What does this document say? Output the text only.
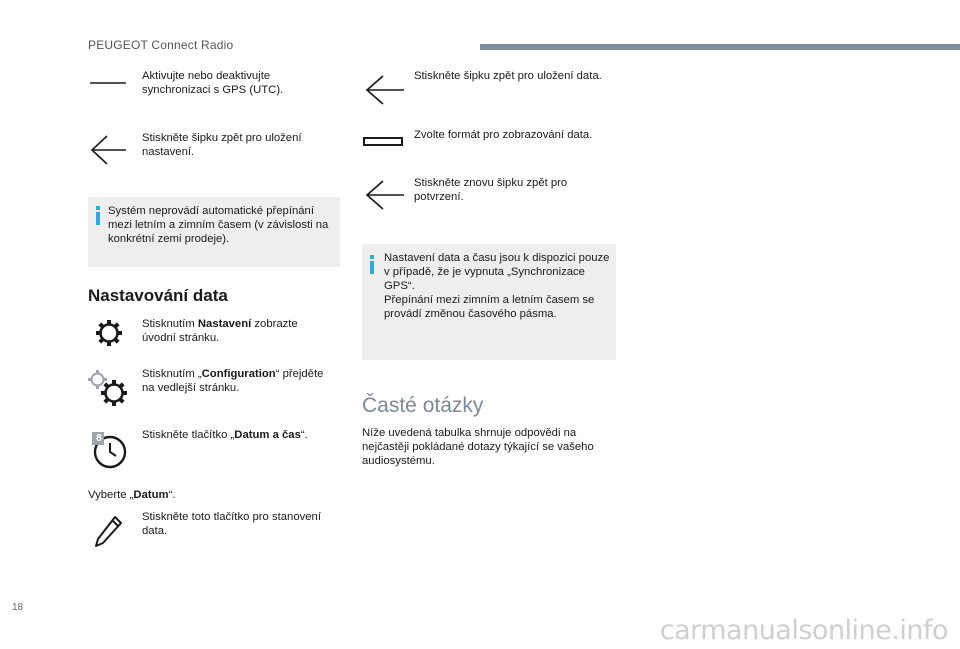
PEUGEOT Connect Radio
Aktivujte nebo deaktivujte synchronizaci s GPS (UTC).
Stiskněte šipku zpět pro uložení nastavení.
Systém neprovádí automatické přepínání mezi letním a zimním časem (v závislosti na konkrétní zemi prodeje).
Nastavování data
Stisknutím Nastavení zobrazte úvodní stránku.
Stisknutím „Configuration“ přejděte na vedlejší stránku.
8	Stiskněte tlačítko „Datum a čas“.
Vyberte „Datum“.
Stiskněte toto tlačítko pro stanovení data.
Stiskněte šipku zpět pro uložení data.
Zvolte formát pro zobrazování data.
Stiskněte znovu šipku zpět pro potvrzení.
Nastavení data a času jsou k dispozici pouze v případě, že je vypnuta „Synchronizace GPS“.
Přepínání mezi zimním a letním časem se provádí změnou časového pásma.
Časté otázky
Níže uvedená tabulka shrnuje odpovědi na nejčastěji pokládané dotazy týkající se vašeho audiosystému.
18
carmanualsonline.info
